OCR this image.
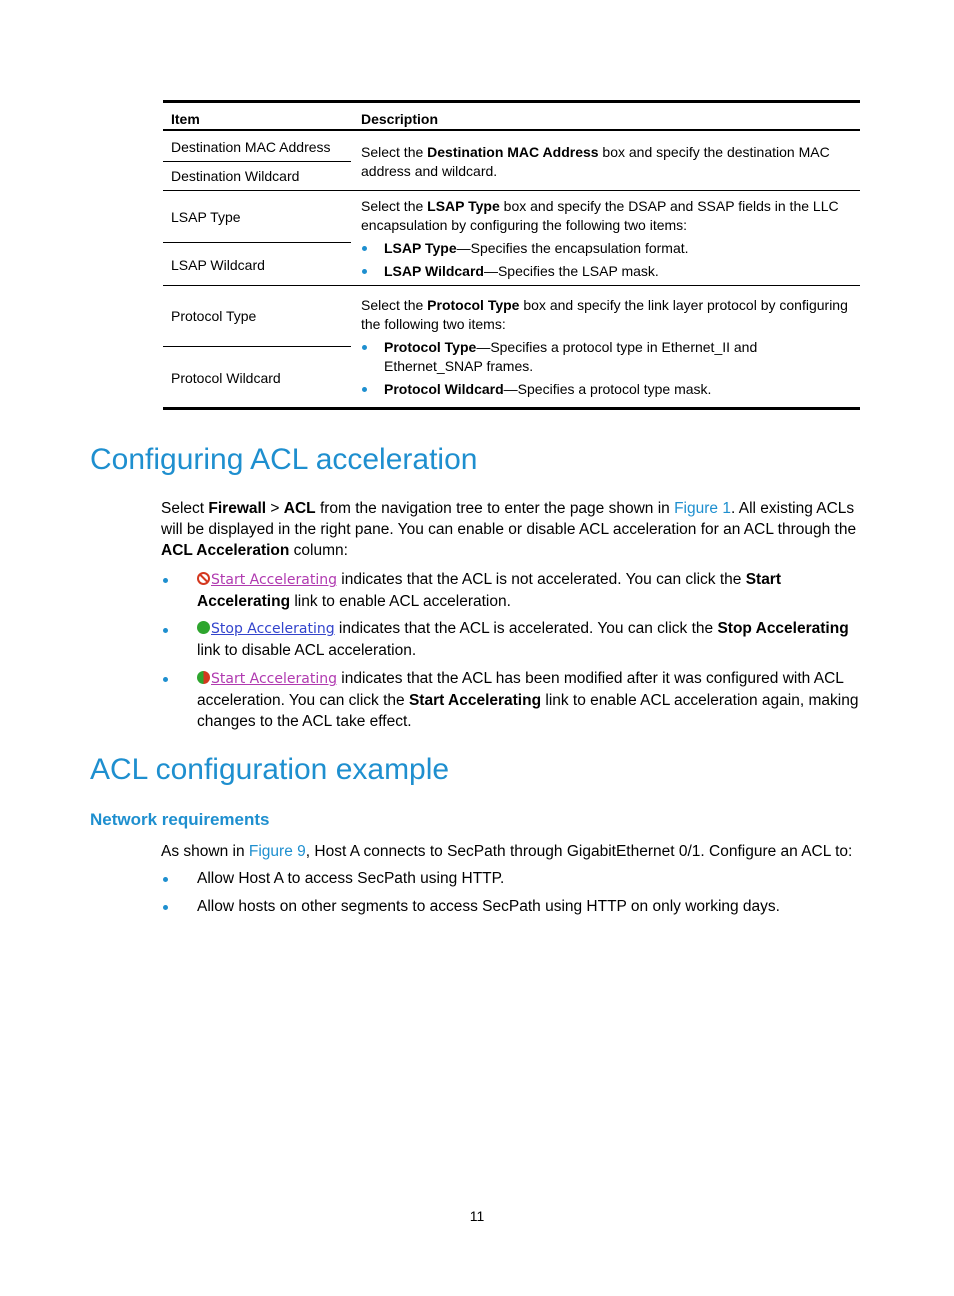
Item	Description
Destination MAC Address
Destination Wildcard
Select the Destination MAC Address box and specify the destination MAC address and wildcard.
LSAP Type
LSAP Wildcard
Select the LSAP Type box and specify the DSAP and SSAP fields in the LLC encapsulation by configuring the following two items:
LSAP Type—Specifies the encapsulation format.
LSAP Wildcard—Specifies the LSAP mask.
Protocol Type
Protocol Wildcard
Select the Protocol Type box and specify the link layer protocol by configuring the following two items:
Protocol Type—Specifies a protocol type in Ethernet_II and Ethernet_SNAP frames.
Protocol Wildcard—Specifies a protocol type mask.
Configuring ACL acceleration
Select Firewall > ACL from the navigation tree to enter the page shown in Figure 1. All existing ACLs will be displayed in the right pane. You can enable or disable ACL acceleration for an ACL through the ACL Acceleration column:
Start Accelerating indicates that the ACL is not accelerated. You can click the Start Accelerating link to enable ACL acceleration.
Stop Accelerating indicates that the ACL is accelerated. You can click the Stop Accelerating link to disable ACL acceleration.
Start Accelerating indicates that the ACL has been modified after it was configured with ACL acceleration. You can click the Start Accelerating link to enable ACL acceleration again, making changes to the ACL take effect.
ACL configuration example
Network requirements
As shown in Figure 9, Host A connects to SecPath through GigabitEthernet 0/1. Configure an ACL to:
Allow Host A to access SecPath using HTTP.
Allow hosts on other segments to access SecPath using HTTP on only working days.
11
